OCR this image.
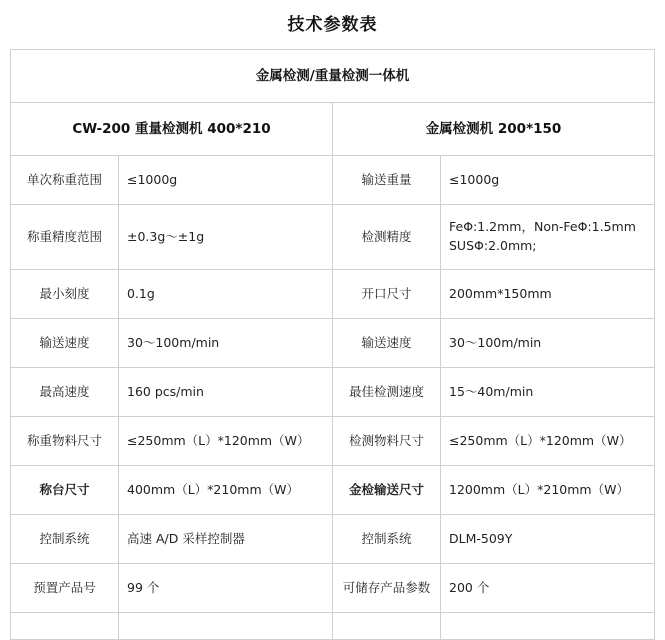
技术参数表
金属检测/重量检测一体机			
CW-200 重量检测机 400*210		金属检测机 200*150	
单次称重范围	≤1000g	输送重量	≤1000g
称重精度范围	±0.3g～±1g	检测精度	FeΦ:1.2mm，Non-FeΦ:1.5mm
SUSΦ:2.0mm;

最小刻度	0.1g	开口尺寸	200mm*150mm
输送速度	30～100m/min	输送速度	30～100m/min
最高速度	160 pcs/min	最佳检测速度	15～40m/min
称重物料尺寸	≤250mm（L）*120mm（W）	检测物料尺寸	≤250mm（L）*120mm（W）
称台尺寸	400mm（L）*210mm（W）	金检输送尺寸	1200mm（L）*210mm（W）
控制系统	高速 A/D 采样控制器	控制系统	DLM-509Y
预置产品号	99 个	可储存产品参数	200 个
